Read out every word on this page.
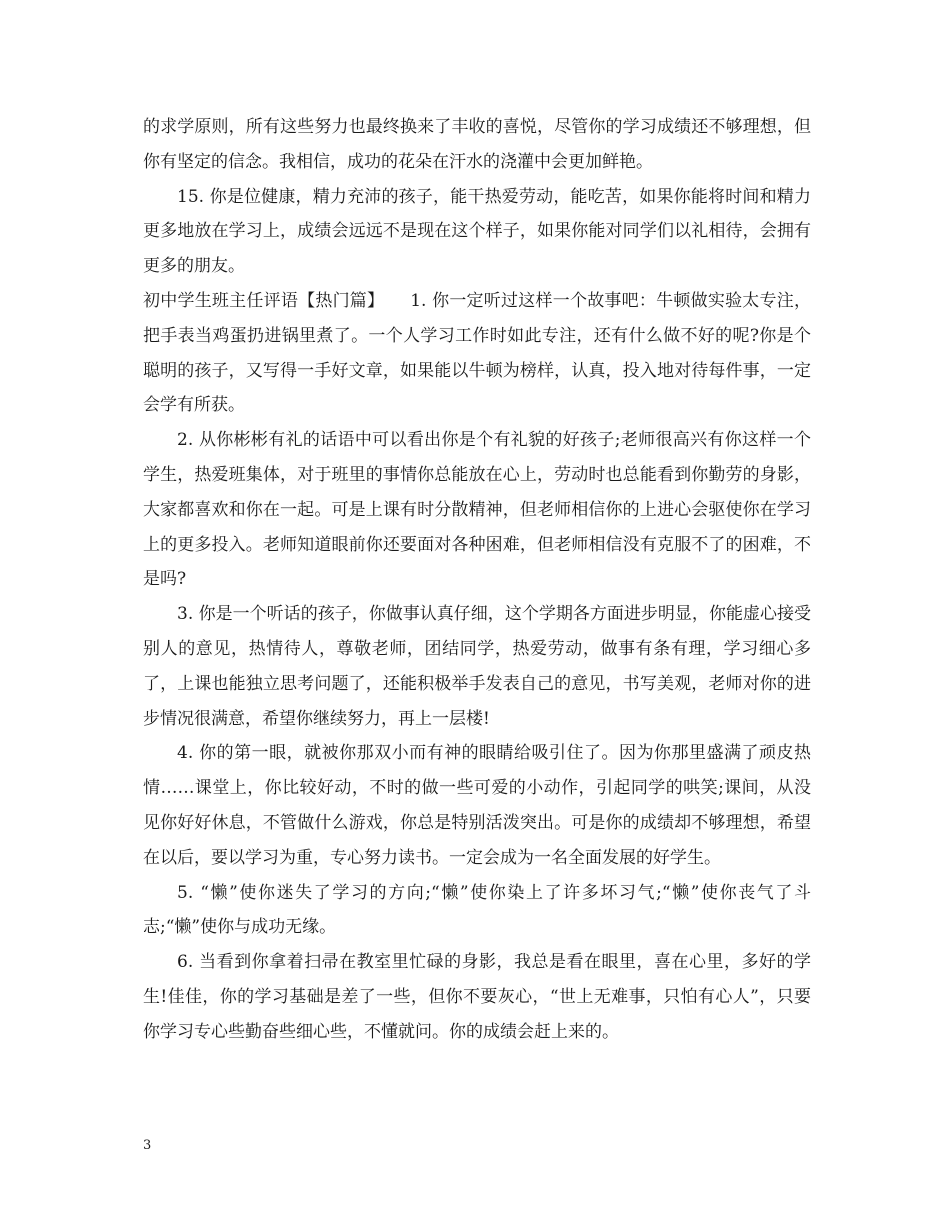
的求学原则，所有这些努力也最终换来了丰收的喜悦，尽管你的学习成绩还不够理想，但你有坚定的信念。我相信，成功的花朵在汗水的浇灌中会更加鲜艳。

15. 你是位健康，精力充沛的孩子，能干热爱劳动，能吃苦，如果你能将时间和精力更多地放在学习上，成绩会远远不是现在这个样子，如果你能对同学们以礼相待，会拥有更多的朋友。

初中学生班主任评语【热门篇】　　1. 你一定听过这样一个故事吧：牛顿做实验太专注，把手表当鸡蛋扔进锅里煮了。一个人学习工作时如此专注，还有什么做不好的呢?你是个聪明的孩子，又写得一手好文章，如果能以牛顿为榜样，认真，投入地对待每件事，一定会学有所获。

2. 从你彬彬有礼的话语中可以看出你是个有礼貌的好孩子;老师很高兴有你这样一个学生，热爱班集体，对于班里的事情你总能放在心上，劳动时也总能看到你勤劳的身影，大家都喜欢和你在一起。可是上课有时分散精神，但老师相信你的上进心会驱使你在学习上的更多投入。老师知道眼前你还要面对各种困难，但老师相信没有克服不了的困难，不是吗?

3. 你是一个听话的孩子，你做事认真仔细，这个学期各方面进步明显，你能虚心接受别人的意见，热情待人，尊敬老师，团结同学，热爱劳动，做事有条有理，学习细心多了，上课也能独立思考问题了，还能积极举手发表自己的意见，书写美观，老师对你的进步情况很满意，希望你继续努力，再上一层楼!

4. 你的第一眼，就被你那双小而有神的眼睛给吸引住了。因为你那里盛满了顽皮热情……课堂上，你比较好动，不时的做一些可爱的小动作，引起同学的哄笑;课间，从没见你好好休息，不管做什么游戏，你总是特别活泼突出。可是你的成绩却不够理想，希望在以后，要以学习为重，专心努力读书。一定会成为一名全面发展的好学生。

5. “懒”使你迷失了学习的方向;“懒”使你染上了许多坏习气;“懒”使你丧气了斗志;“懒”使你与成功无缘。

6. 当看到你拿着扫帚在教室里忙碌的身影，我总是看在眼里，喜在心里，多好的学生!佳佳，你的学习基础是差了一些，但你不要灰心，“世上无难事，只怕有心人”，只要你学习专心些勤奋些细心些，不懂就问。你的成绩会赶上来的。

3
